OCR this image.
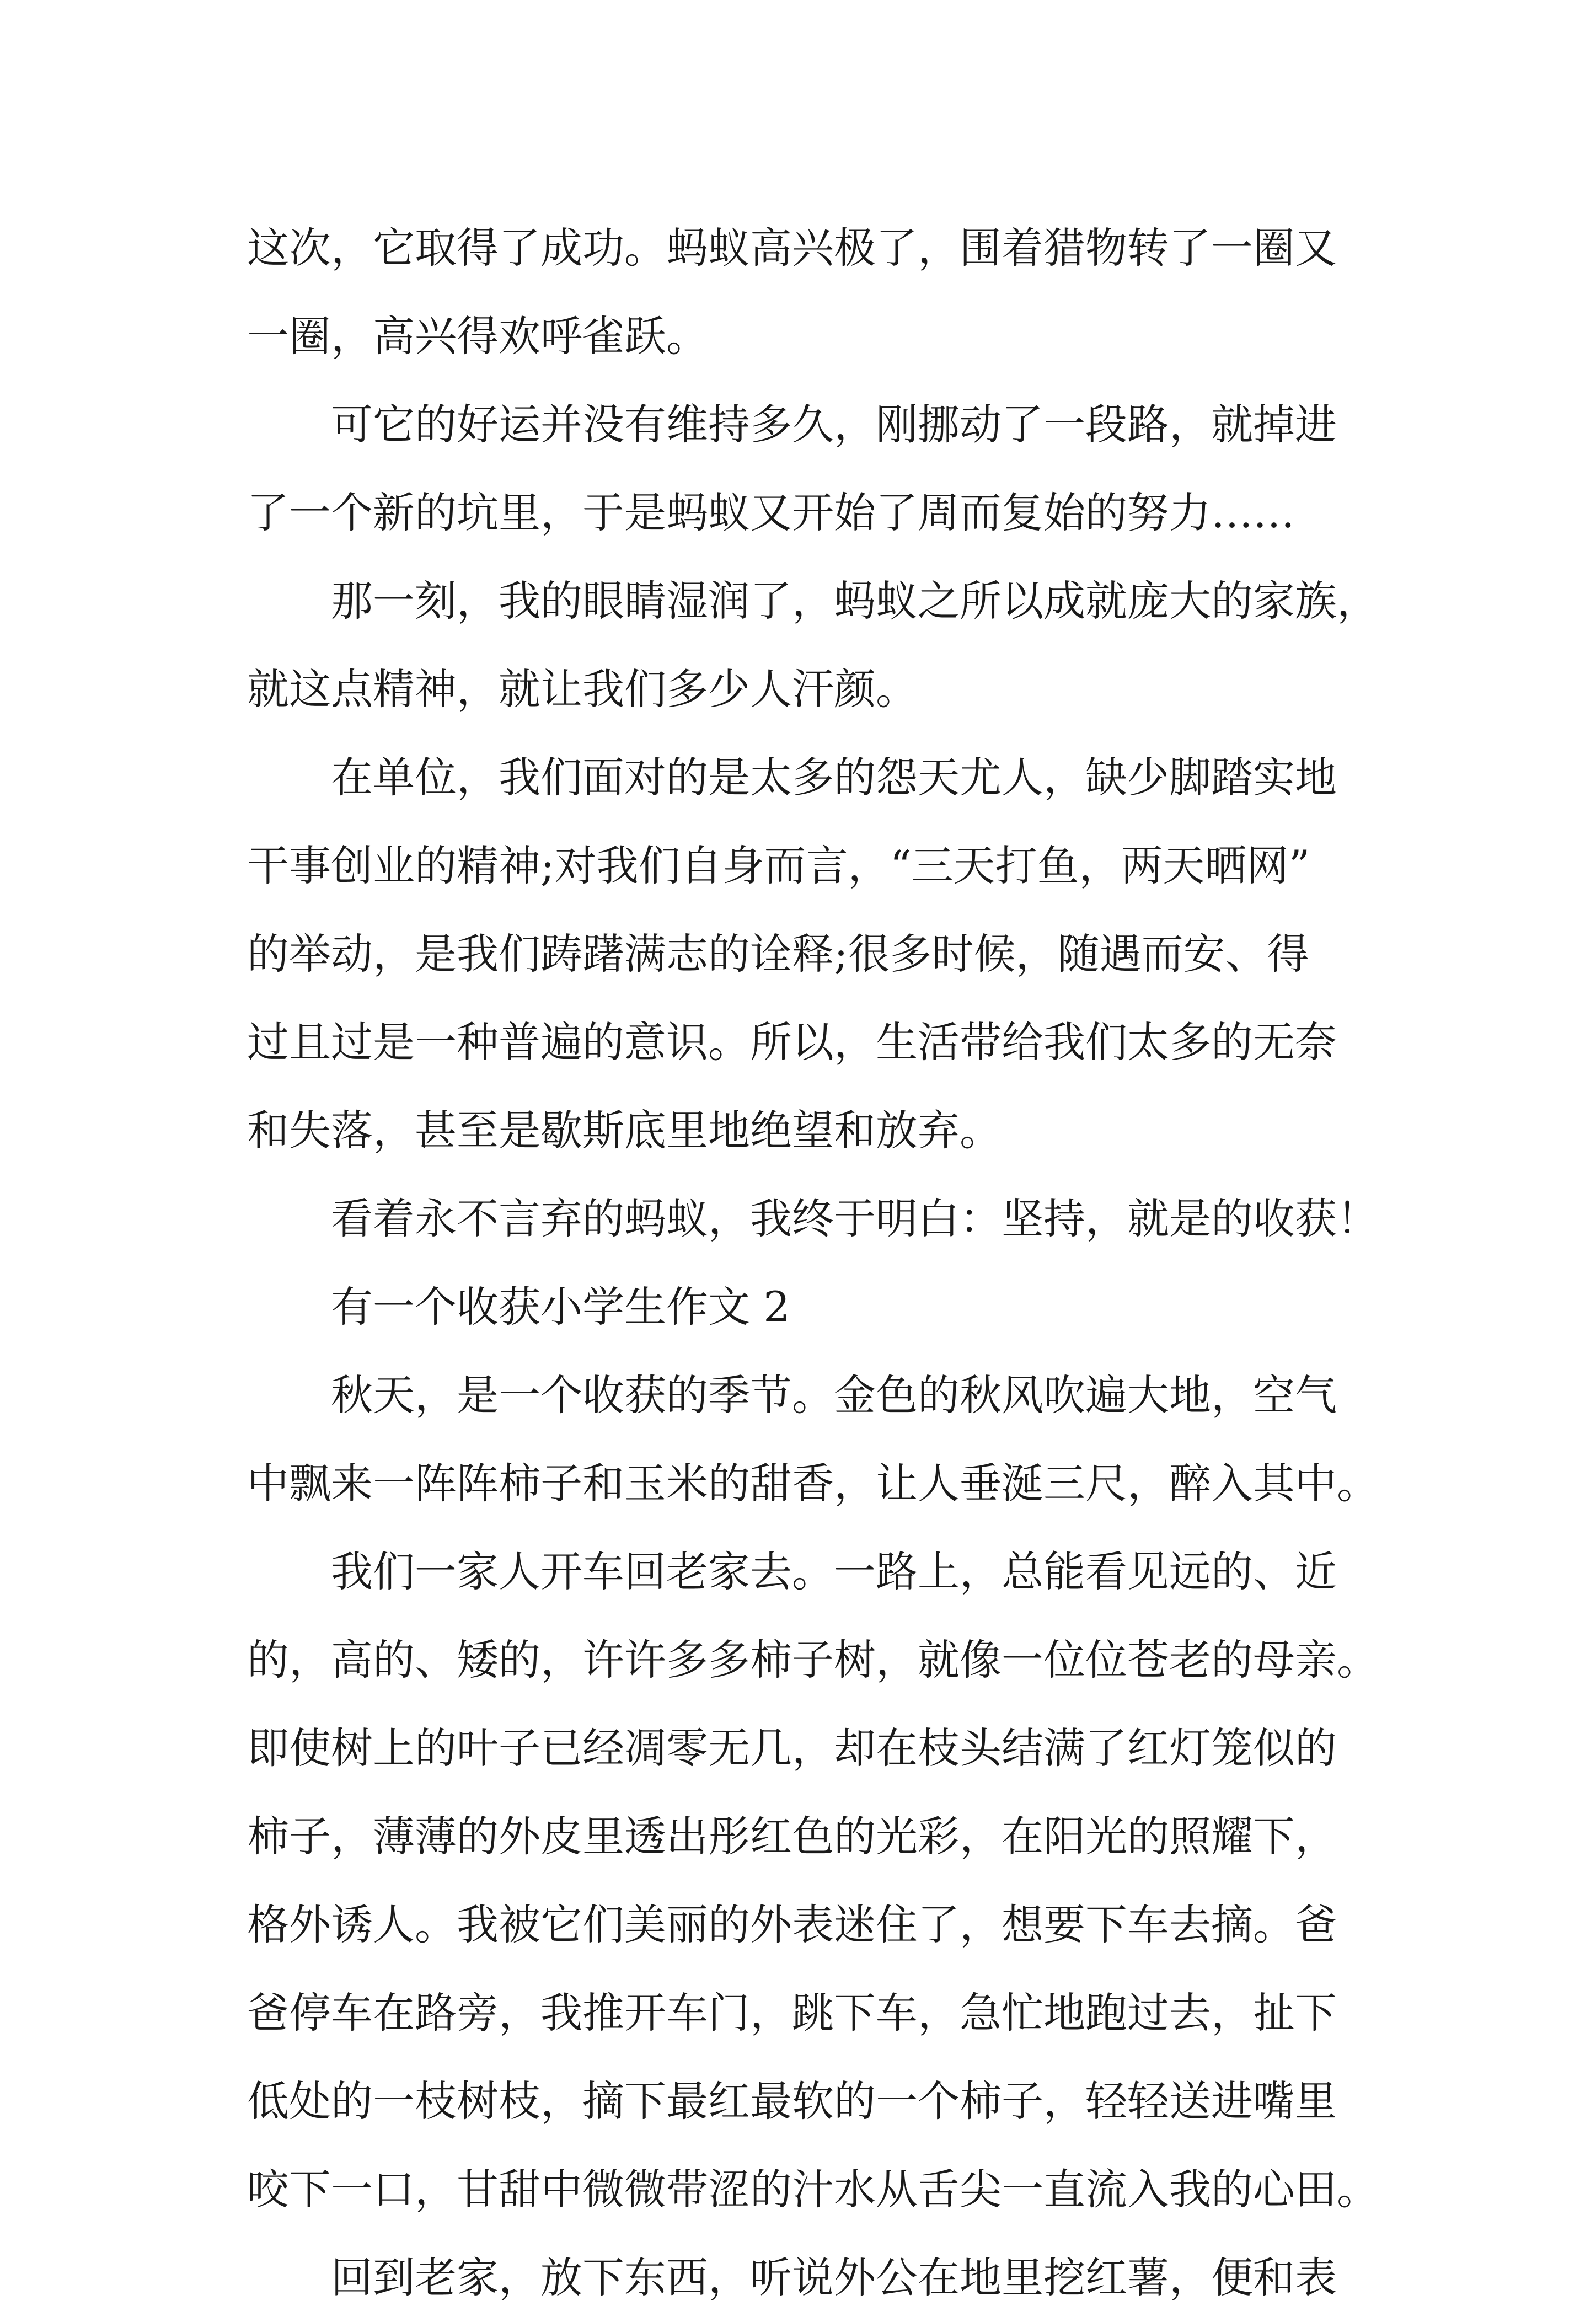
这次，它取得了成功。蚂蚁高兴极了，围着猎物转了一圈又
一圈，高兴得欢呼雀跃。
可它的好运并没有维持多久，刚挪动了一段路，就掉进
了一个新的坑里，于是蚂蚁又开始了周而复始的努力……
那一刻，我的眼睛湿润了，蚂蚁之所以成就庞大的家族，
就这点精神，就让我们多少人汗颜。
在单位，我们面对的是太多的怨天尤人，缺少脚踏实地
干事创业的精神;对我们自身而言，“三天打鱼，两天晒网”
的举动，是我们踌躇满志的诠释;很多时候，随遇而安、得
过且过是一种普遍的意识。所以，生活带给我们太多的无奈
和失落，甚至是歇斯底里地绝望和放弃。
看着永不言弃的蚂蚁，我终于明白：坚持，就是的收获！
有一个收获小学生作文 2
秋天，是一个收获的季节。金色的秋风吹遍大地，空气
中飘来一阵阵柿子和玉米的甜香，让人垂涎三尺，醉入其中。
我们一家人开车回老家去。一路上，总能看见远的、近
的，高的、矮的，许许多多柿子树，就像一位位苍老的母亲。
即使树上的叶子已经凋零无几，却在枝头结满了红灯笼似的
柿子，薄薄的外皮里透出彤红色的光彩，在阳光的照耀下，
格外诱人。我被它们美丽的外表迷住了，想要下车去摘。爸
爸停车在路旁，我推开车门，跳下车，急忙地跑过去，扯下
低处的一枝树枝，摘下最红最软的一个柿子，轻轻送进嘴里
咬下一口，甘甜中微微带涩的汁水从舌尖一直流入我的心田。
回到老家，放下东西，听说外公在地里挖红薯，便和表
